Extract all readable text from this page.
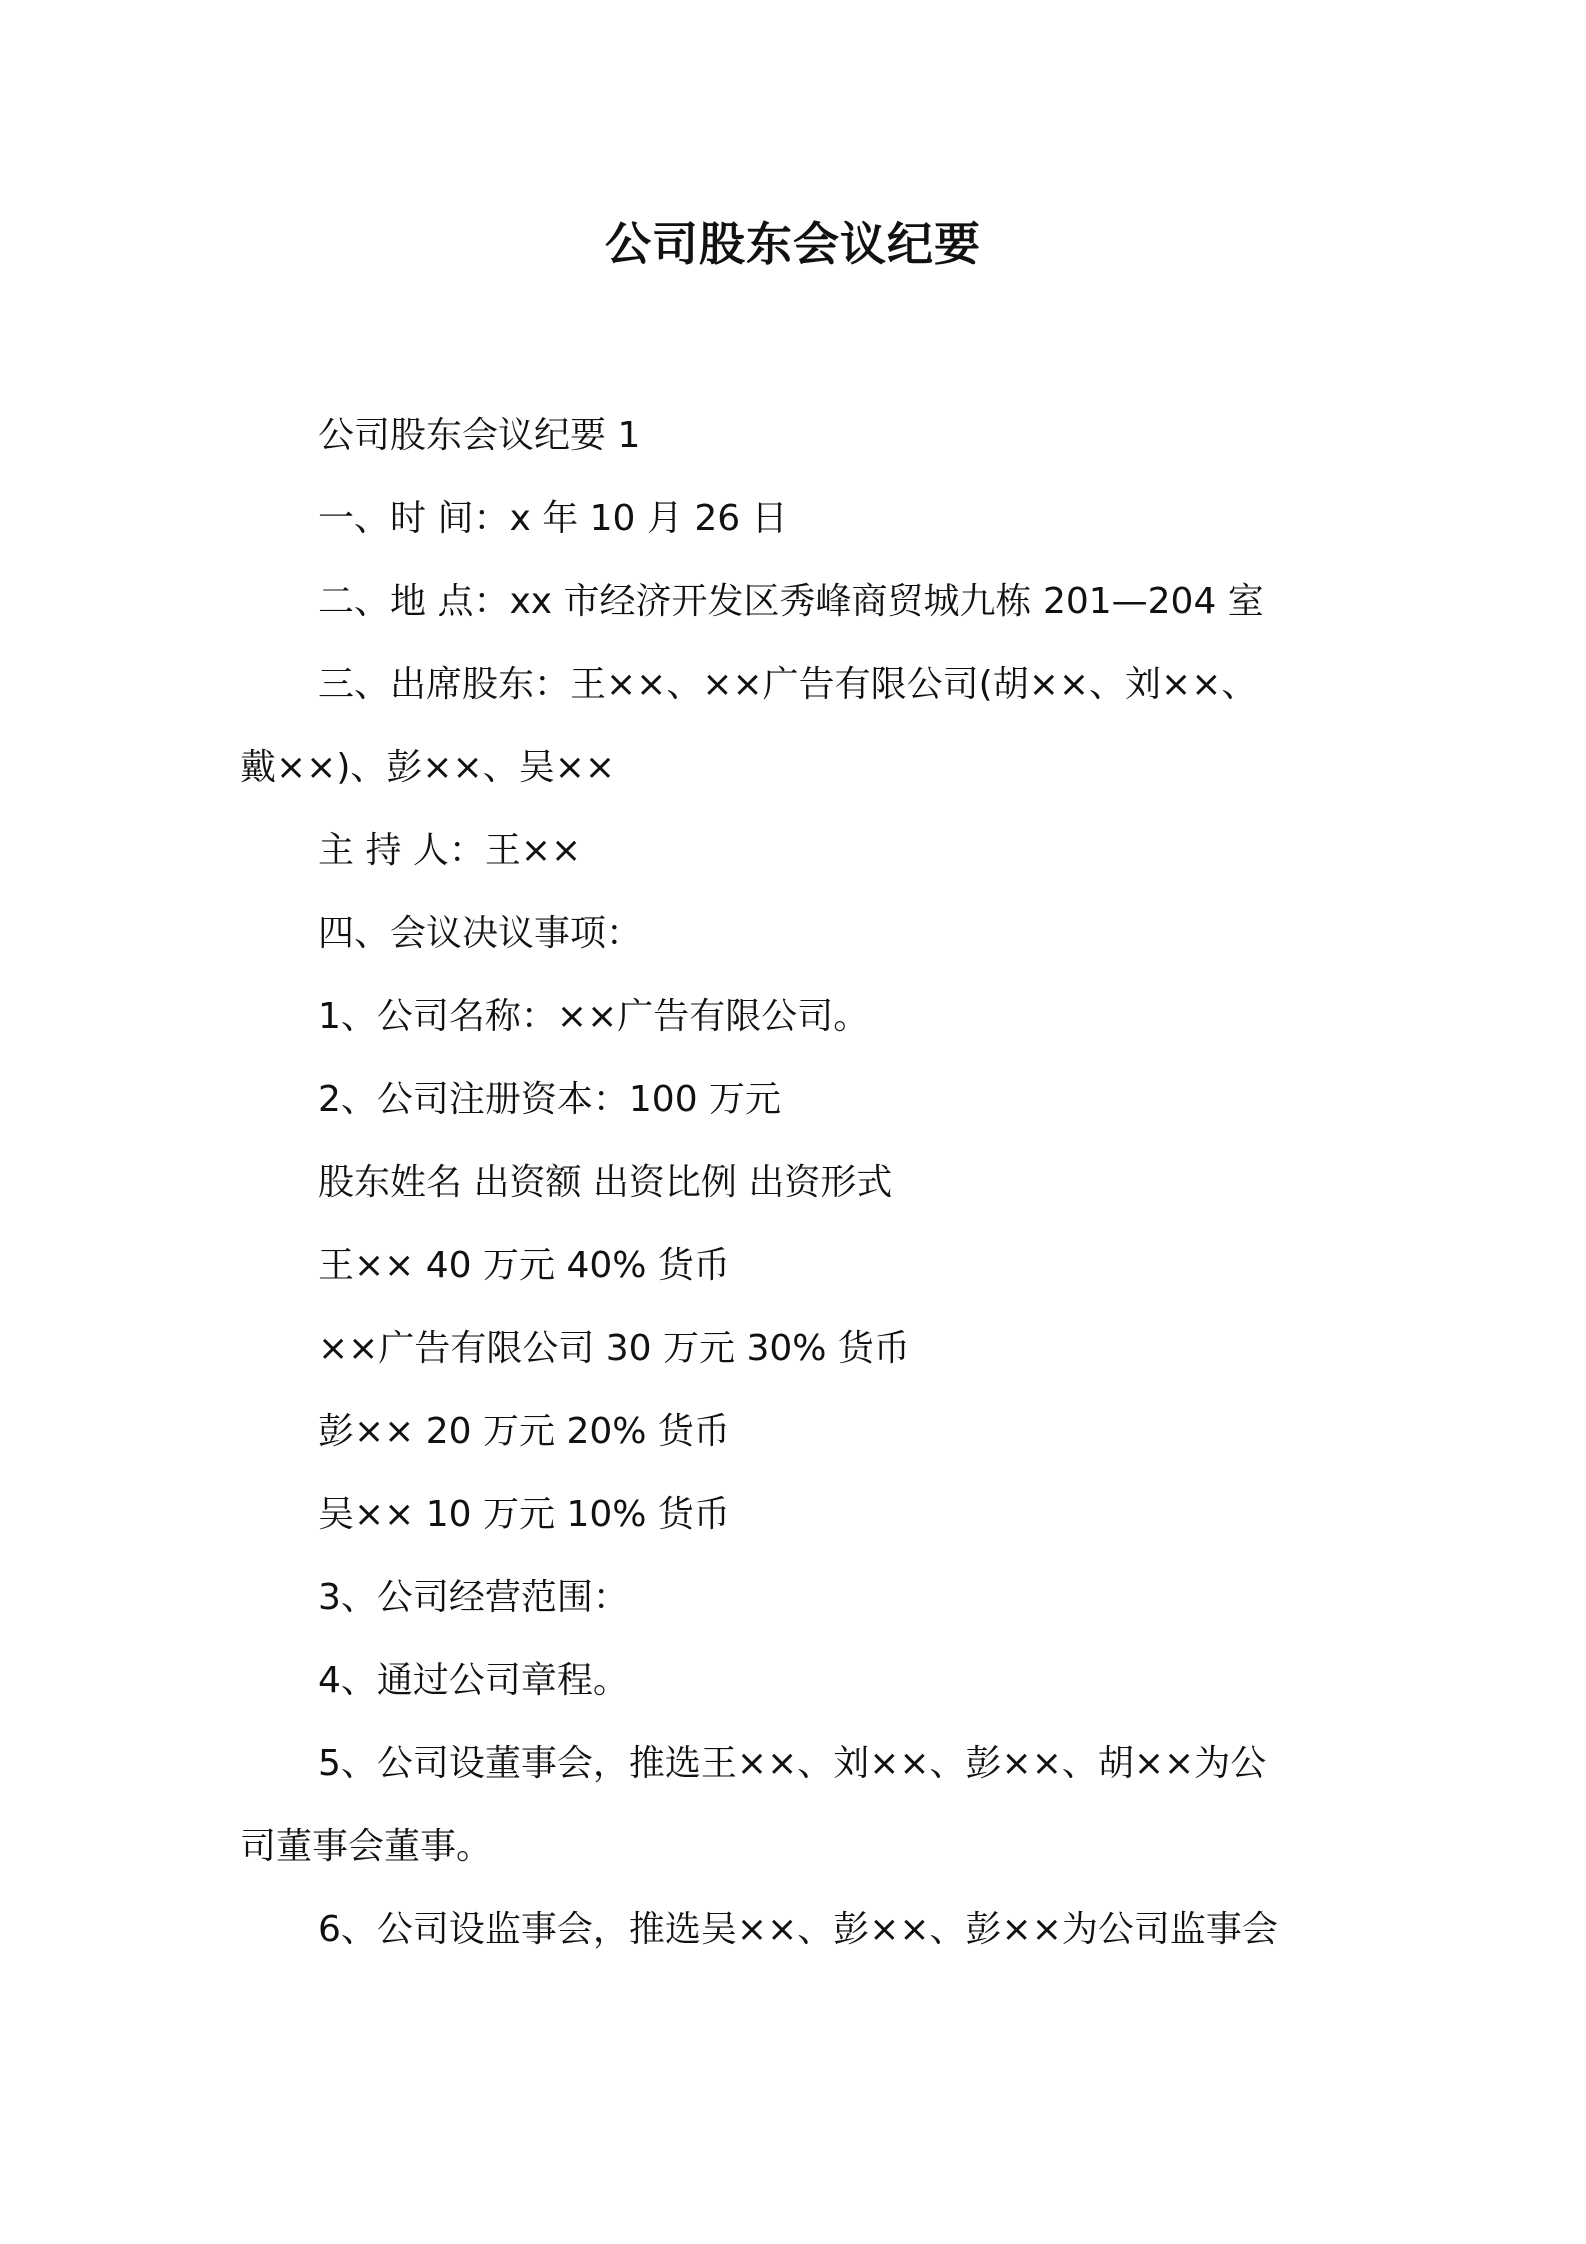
公司股东会议纪要
公司股东会议纪要 1
一、时 间：x 年 10 月 26 日
二、地 点：xx 市经济开发区秀峰商贸城九栋 201—204 室
三、出席股东：王××、××广告有限公司(胡××、刘××、
戴××)、彭××、吴××
主 持 人：王××
四、会议决议事项：
1、公司名称：××广告有限公司。
2、公司注册资本：100 万元
股东姓名 出资额 出资比例 出资形式
王×× 40 万元 40% 货币
××广告有限公司 30 万元 30% 货币
彭×× 20 万元 20% 货币
吴×× 10 万元 10% 货币
3、公司经营范围：
4、通过公司章程。
5、公司设董事会，推选王××、刘××、彭××、胡××为公
司董事会董事。
6、公司设监事会，推选吴××、彭××、彭××为公司监事会
